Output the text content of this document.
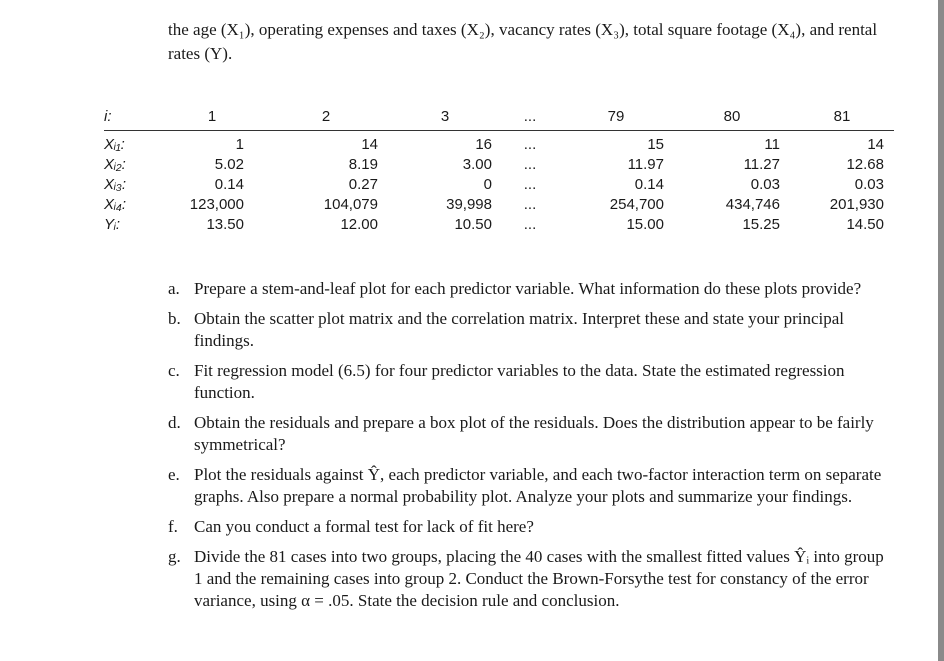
the age (X₁), operating expenses and taxes (X₂), vacancy rates (X₃), total square footage (X₄), and rental rates (Y).

i:	1	2	3	...	79	80	81
Xᵢ₁:	1	14	16	...	15	11	14
Xᵢ₂:	5.02	8.19	3.00	...	11.97	11.27	12.68
Xᵢ₃:	0.14	0.27	0	...	0.14	0.03	0.03
Xᵢ₄:	123,000	104,079	39,998	...	254,700	434,746	201,930
Yᵢ:	13.50	12.00	10.50	...	15.00	15.25	14.50
a. Prepare a stem-and-leaf plot for each predictor variable. What information do these plots provide?
b. Obtain the scatter plot matrix and the correlation matrix. Interpret these and state your principal findings.
c. Fit regression model (6.5) for four predictor variables to the data. State the estimated regression function.
d. Obtain the residuals and prepare a box plot of the residuals. Does the distribution appear to be fairly symmetrical?
e. Plot the residuals against Ŷ, each predictor variable, and each two-factor interaction term on separate graphs. Also prepare a normal probability plot. Analyze your plots and summarize your findings.
f. Can you conduct a formal test for lack of fit here?
g. Divide the 81 cases into two groups, placing the 40 cases with the smallest fitted values Ŷᵢ into group 1 and the remaining cases into group 2. Conduct the Brown-Forsythe test for constancy of the error variance, using α = .05. State the decision rule and conclusion.
